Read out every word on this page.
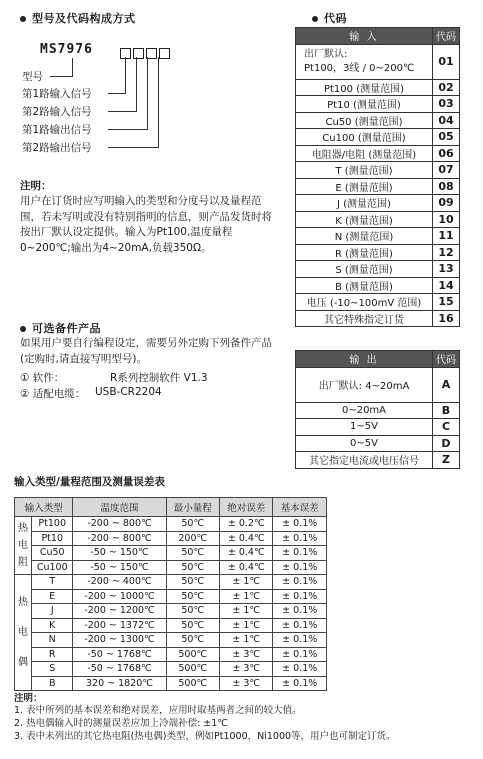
型号及代码构成方式
MS7976
型号
第1路输入信号
第2路输入信号
第1路输出信号
第2路输出信号
注明：
用户在订货时应写明输入的类型和分度号以及量程范围，若未写明或没有特别指明的信息，则产品发货时将按出厂默认设定提供。输入为Pt100,温度量程 0~200℃;输出为4~20mA,负载350Ω。
可选备件产品
如果用户要自行编程设定，需要另外定购下列备件产品(定购时,请直接写明型号)。
① 软件：	R系列控制软件 V1.3
② 适配电缆： USB-CR2204
代码
输 入	代码
出厂默认:
Pt100，3线 / 0~200℃	01
Pt100 (测量范围)	02
Pt10 (测量范围)	03
Cu50 (测量范围)	04
Cu100 (测量范围)	05
电阻器/电阻 (测量范围)	06
T (测量范围)	07
E (测量范围)	08
J (测量范围)	09
K (测量范围)	10
N (测量范围)	11
R (测量范围)	12
S (测量范围)	13
B (测量范围)	14
电压 (-10~100mV 范围)	15
其它特殊指定订货	16
输 出	代码
出厂默认: 4~20mA	A
0~20mA	B
1~5V	C
0~5V	D
其它指定电流或电压信号	Z
输入类型/量程范围及测量误差表
输入类型		温度范围	最小量程	绝对误差	基本误差

热电阻	Pt100	-200 ~ 800℃	50℃	± 0.2℃	± 0.1%
	Pt10	-200 ~ 800℃	200℃	± 0.4℃	± 0.1%
	Cu50	-50 ~ 150℃	50℃	± 0.4℃	± 0.1%
	Cu100	-50 ~ 150℃	50℃	± 0.4℃	± 0.1%

热电偶	T	-200 ~ 400℃	50℃	± 1℃	± 0.1%
	E	-200 ~ 1000℃	50℃	± 1℃	± 0.1%
	J	-200 ~ 1200℃	50℃	± 1℃	± 0.1%
	K	-200 ~ 1372℃	50℃	± 1℃	± 0.1%
	N	-200 ~ 1300℃	50℃	± 1℃	± 0.1%
	R	-50 ~ 1768℃	500℃	± 3℃	± 0.1%
	S	-50 ~ 1768℃	500℃	± 3℃	± 0.1%
	B	320 ~ 1820℃	500℃	± 3℃	± 0.1%
注明：
1. 表中所列的基本误差和绝对误差，应用时取基两者之间的较大值。
2. 热电偶输入时的测量误差应加上冷端补偿: ±1℃
3. 表中未列出的其它热电阻(热电偶)类型，例如Pt1000，Ni1000等，用户也可制定订货。
